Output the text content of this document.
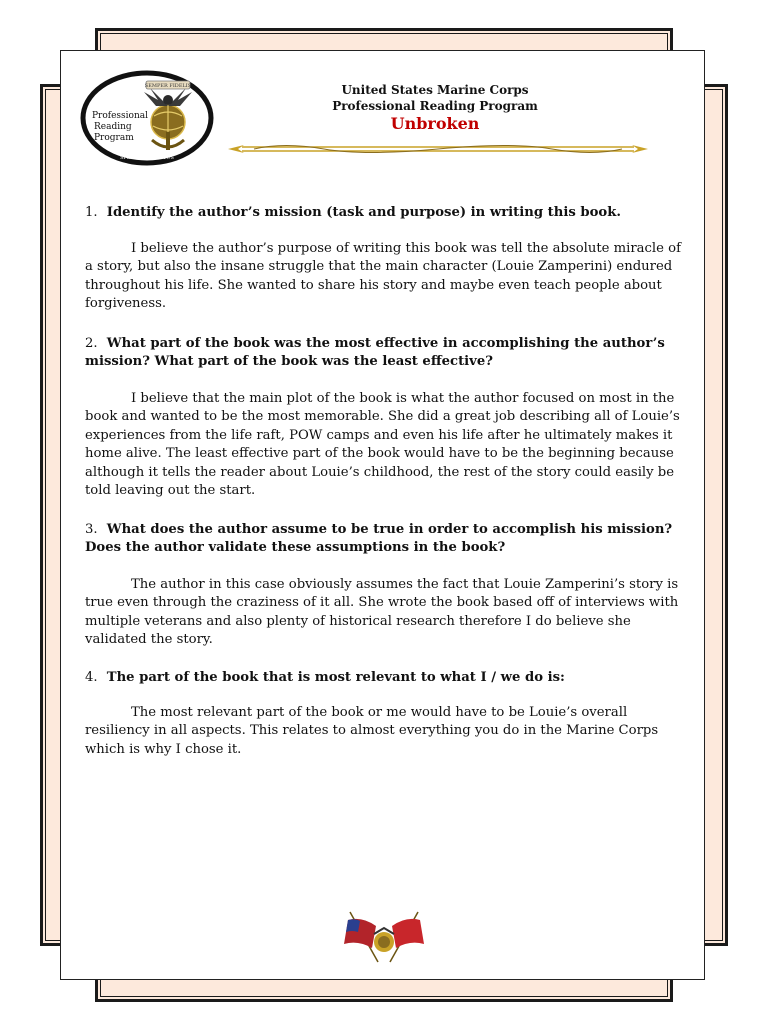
SEMPER FIDELIS
Professional
Reading
Program
SPIRITUS INVICTUS
United States Marine Corps
Professional Reading Program
Unbroken

1. Identify the author’s mission (task and purpose) in writing this book.

I believe the author’s purpose of writing this book was tell the absolute miracle of a story, but also the insane struggle that the main character (Louie Zamperini) endured throughout his life. She wanted to share his story and maybe even teach people about forgiveness.

2. What part of the book was the most effective in accomplishing the author’s mission? What part of the book was the least effective?

I believe that the main plot of the book is what the author focused on most in the book and wanted to be the most memorable. She did a great job describing all of Louie’s experiences from the life raft, POW camps and even his life after he ultimately makes it home alive. The least effective part of the book would have to be the beginning because although it tells the reader about Louie’s childhood, the rest of the story could easily be told leaving out the start.

3. What does the author assume to be true in order to accomplish his mission? Does the author validate these assumptions in the book?

The author in this case obviously assumes the fact that Louie Zamperini’s story is true even through the craziness of it all. She wrote the book based off of interviews with multiple veterans and also plenty of historical research therefore I do believe she validated the story.

4. The part of the book that is most relevant to what I / we do is:

The most relevant part of the book or me would have to be Louie’s overall resiliency in all aspects. This relates to almost everything you do in the Marine Corps which is why I chose it.
